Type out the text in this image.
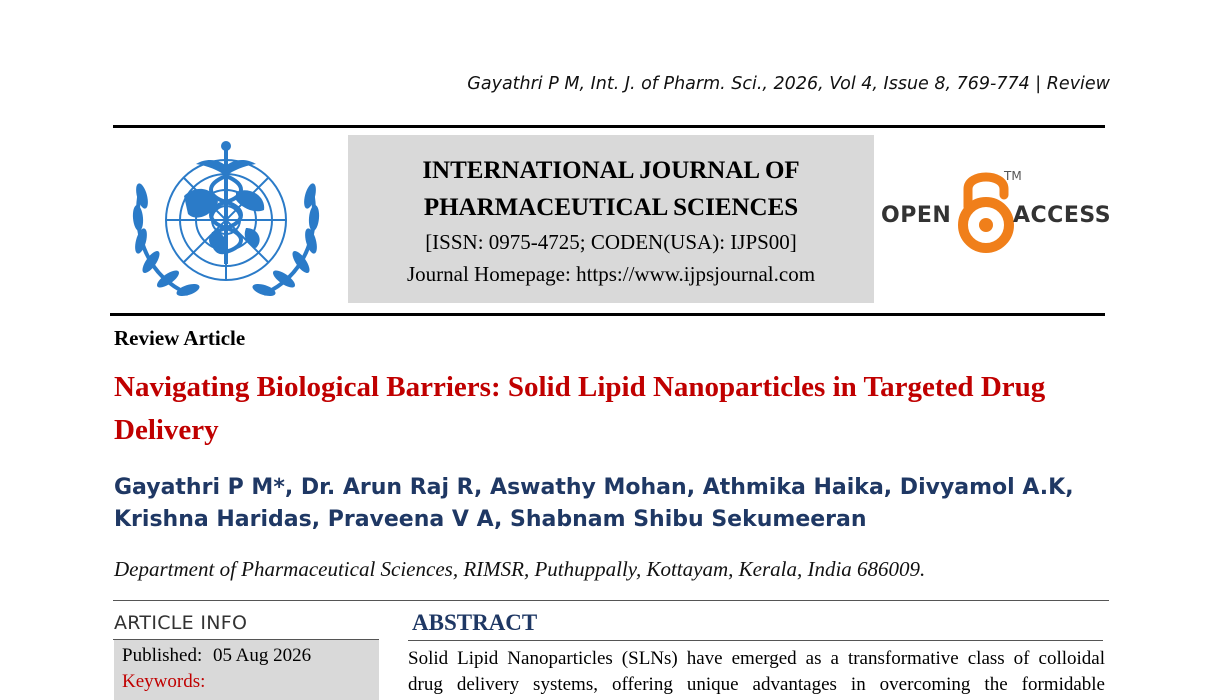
Gayathri P M, Int. J. of Pharm. Sci., 2026, Vol 4, Issue 8, 769-774 | Review
INTERNATIONAL JOURNAL OF
PHARMACEUTICAL SCIENCES
[ISSN: 0975-4725; CODEN(USA): IJPS00]
Journal Homepage: https://www.ijpsjournal.com
OPEN
TM
ACCESS
Review Article
Navigating Biological Barriers: Solid Lipid Nanoparticles in Targeted Drug Delivery
Gayathri P M*, Dr. Arun Raj R, Aswathy Mohan, Athmika Haika, Divyamol A.K,
Krishna Haridas, Praveena V A, Shabnam Shibu Sekumeeran
Department of Pharmaceutical Sciences, RIMSR, Puthuppally, Kottayam, Kerala, India 686009.
ARTICLE INFO
Published: 05 Aug 2026
Keywords:
ABSTRACT
Solid Lipid Nanoparticles (SLNs) have emerged as a transformative class of colloidal
drug delivery systems, offering unique advantages in overcoming the formidable
